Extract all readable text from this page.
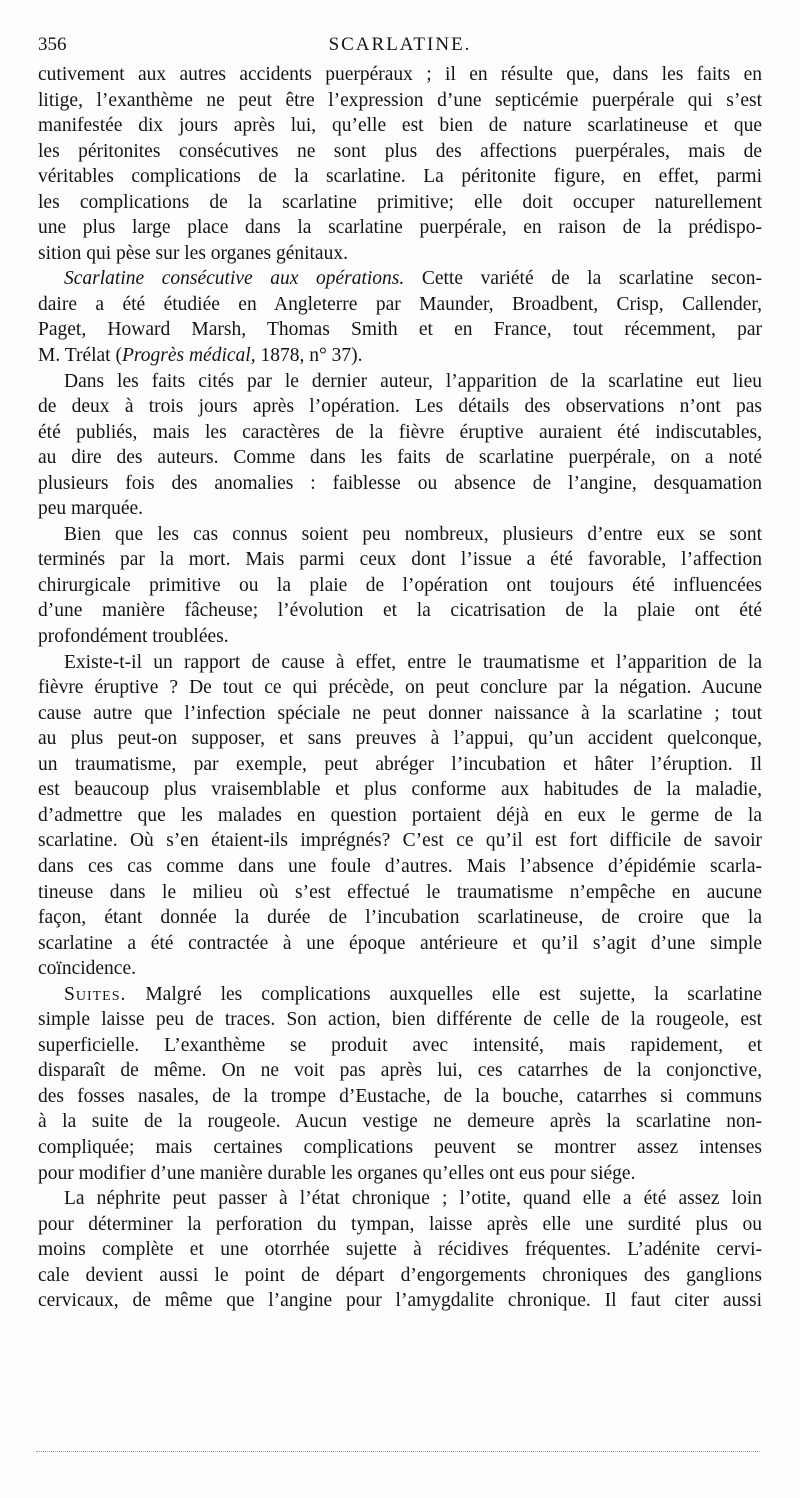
356	SCARLATINE.
cutivement aux autres accidents puerpéraux ; il en résulte que, dans les faits en
litige, l’exanthème ne peut être l’expression d’une septicémie puerpérale qui s’est
manifestée dix jours après lui, qu’elle est bien de nature scarlatineuse et que
les péritonites consécutives ne sont plus des affections puerpérales, mais de
véritables complications de la scarlatine. La péritonite figure, en effet, parmi
les complications de la scarlatine primitive; elle doit occuper naturellement
une plus large place dans la scarlatine puerpérale, en raison de la prédispo-
sition qui pèse sur les organes génitaux.
Scarlatine consécutive aux opérations. Cette variété de la scarlatine secon-
daire a été étudiée en Angleterre par Maunder, Broadbent, Crisp, Callender,
Paget, Howard Marsh, Thomas Smith et en France, tout récemment, par
M. Trélat (Progrès médical, 1878, n° 37).
Dans les faits cités par le dernier auteur, l’apparition de la scarlatine eut lieu
de deux à trois jours après l’opération. Les détails des observations n’ont pas
été publiés, mais les caractères de la fièvre éruptive auraient été indiscutables,
au dire des auteurs. Comme dans les faits de scarlatine puerpérale, on a noté
plusieurs fois des anomalies : faiblesse ou absence de l’angine, desquamation
peu marquée.
Bien que les cas connus soient peu nombreux, plusieurs d’entre eux se sont
terminés par la mort. Mais parmi ceux dont l’issue a été favorable, l’affection
chirurgicale primitive ou la plaie de l’opération ont toujours été influencées
d’une manière fâcheuse; l’évolution et la cicatrisation de la plaie ont été
profondément troublées.
Existe-t-il un rapport de cause à effet, entre le traumatisme et l’apparition de la
fièvre éruptive ? De tout ce qui précède, on peut conclure par la négation. Aucune
cause autre que l’infection spéciale ne peut donner naissance à la scarlatine ; tout
au plus peut-on supposer, et sans preuves à l’appui, qu’un accident quelconque,
un traumatisme, par exemple, peut abréger l’incubation et hâter l’éruption. Il
est beaucoup plus vraisemblable et plus conforme aux habitudes de la maladie,
d’admettre que les malades en question portaient déjà en eux le germe de la
scarlatine. Où s’en étaient-ils imprégnés? C’est ce qu’il est fort difficile de savoir
dans ces cas comme dans une foule d’autres. Mais l’absence d’épidémie scarla-
tineuse dans le milieu où s’est effectué le traumatisme n’empêche en aucune
façon, étant donnée la durée de l’incubation scarlatineuse, de croire que la
scarlatine a été contractée à une époque antérieure et qu’il s’agit d’une simple
coïncidence.
Suites. Malgré les complications auxquelles elle est sujette, la scarlatine
simple laisse peu de traces. Son action, bien différente de celle de la rougeole, est
superficielle. L’exanthème se produit avec intensité, mais rapidement, et
disparaît de même. On ne voit pas après lui, ces catarrhes de la conjonctive,
des fosses nasales, de la trompe d’Eustache, de la bouche, catarrhes si communs
à la suite de la rougeole. Aucun vestige ne demeure après la scarlatine non-
compliquée; mais certaines complications peuvent se montrer assez intenses
pour modifier d’une manière durable les organes qu’elles ont eus pour siége.
La néphrite peut passer à l’état chronique ; l’otite, quand elle a été assez loin
pour déterminer la perforation du tympan, laisse après elle une surdité plus ou
moins complète et une otorrhée sujette à récidives fréquentes. L’adénite cervi-
cale devient aussi le point de départ d’engorgements chroniques des ganglions
cervicaux, de même que l’angine pour l’amygdalite chronique. Il faut citer aussi
